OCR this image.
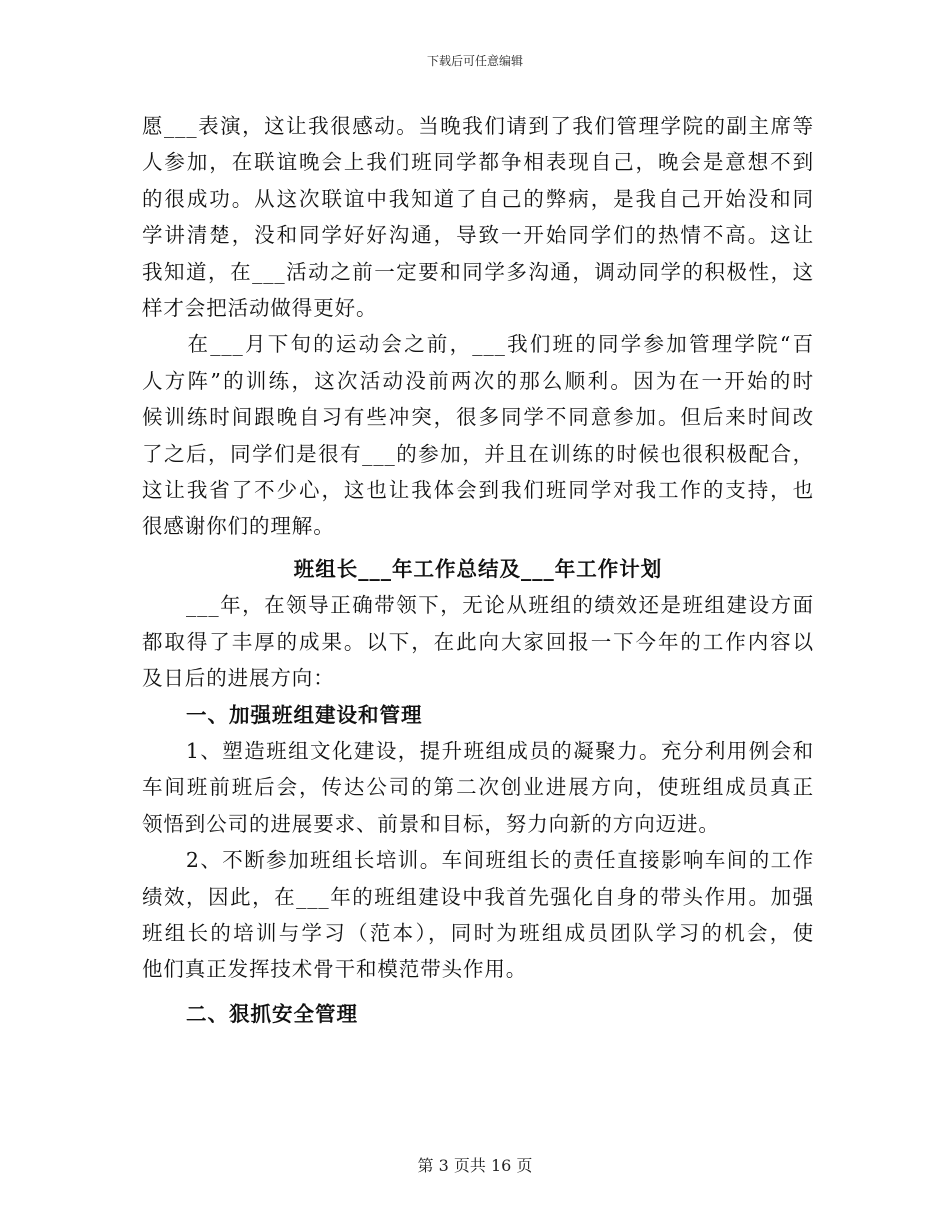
下载后可任意编辑
愿___表演，这让我很感动。当晚我们请到了我们管理学院的副主席等
人参加，在联谊晚会上我们班同学都争相表现自己，晚会是意想不到
的很成功。从这次联谊中我知道了自己的弊病，是我自己开始没和同
学讲清楚，没和同学好好沟通，导致一开始同学们的热情不高。这让
我知道，在___活动之前一定要和同学多沟通，调动同学的积极性，这
样才会把活动做得更好。
　　在___月下旬的运动会之前，___我们班的同学参加管理学院“百
人方阵”的训练，这次活动没前两次的那么顺利。因为在一开始的时
候训练时间跟晚自习有些冲突，很多同学不同意参加。但后来时间改
了之后，同学们是很有___的参加，并且在训练的时候也很积极配合，
这让我省了不少心，这也让我体会到我们班同学对我工作的支持，也
很感谢你们的理解。
班组长___年工作总结及___年工作计划
　　___年，在领导正确带领下，无论从班组的绩效还是班组建设方面
都取得了丰厚的成果。以下，在此向大家回报一下今年的工作内容以
及日后的进展方向：
一、加强班组建设和管理
　　1、塑造班组文化建设，提升班组成员的凝聚力。充分利用例会和
车间班前班后会，传达公司的第二次创业进展方向，使班组成员真正
领悟到公司的进展要求、前景和目标，努力向新的方向迈进。
　　2、不断参加班组长培训。车间班组长的责任直接影响车间的工作
绩效，因此，在___年的班组建设中我首先强化自身的带头作用。加强
班组长的培训与学习（范本），同时为班组成员团队学习的机会，使
他们真正发挥技术骨干和模范带头作用。
二、狠抓安全管理
第 3 页共 16 页
